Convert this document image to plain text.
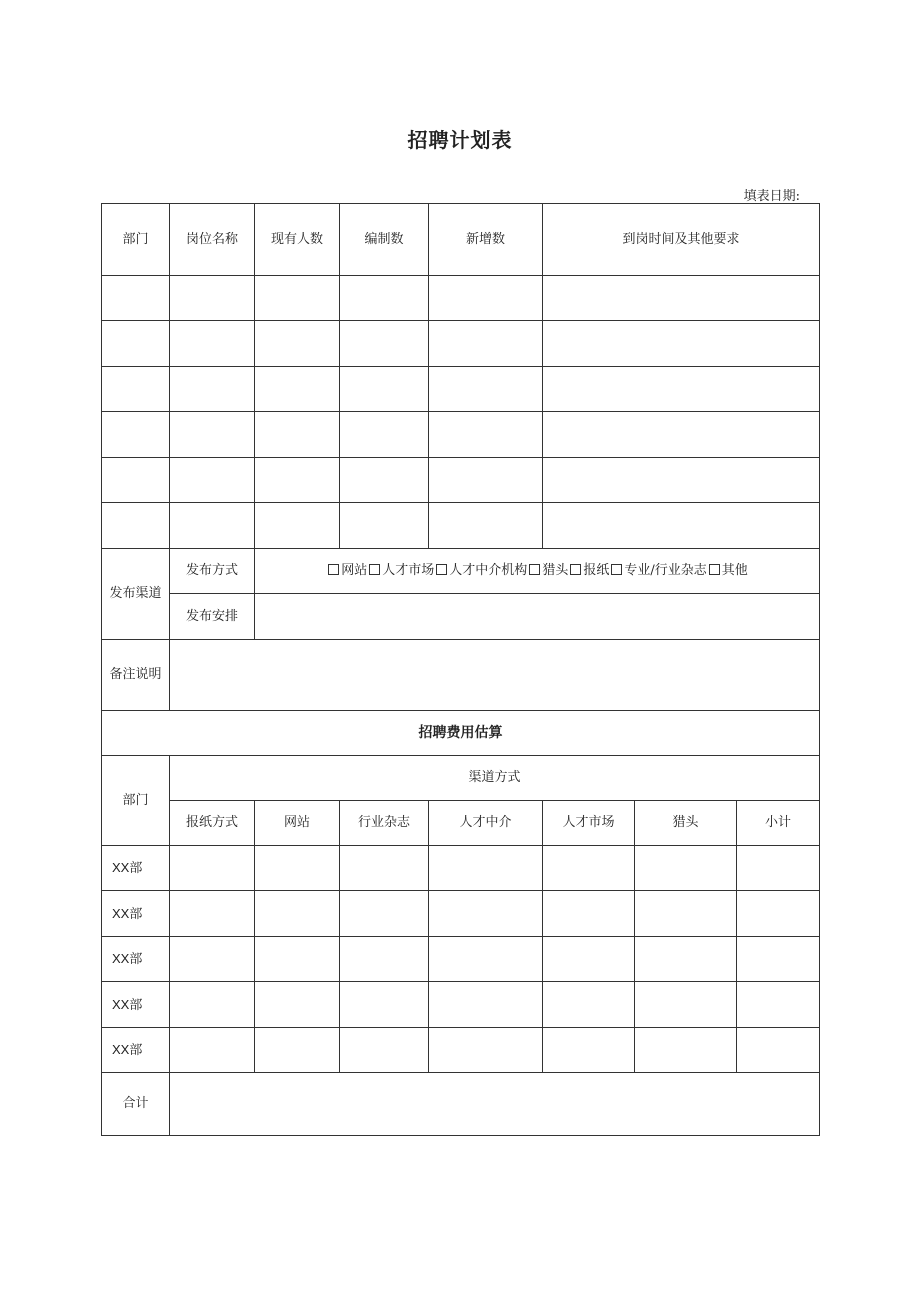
招聘计划表
填表日期:
部门	岗位名称	现有人数	编制数	新增数	到岗时间及其他要求		

发布渠道	发布方式	网站 人才市场 人才中介机构 猎头 报纸 专业/行业杂志 其他					
	发布安排						
备注说明							
招聘费用估算							
部门	渠道方式						
	报纸方式	网站	行业杂志	人才中介	人才市场	猎头	小计
XX部							
XX部							
XX部							
XX部							
XX部							
合计							
